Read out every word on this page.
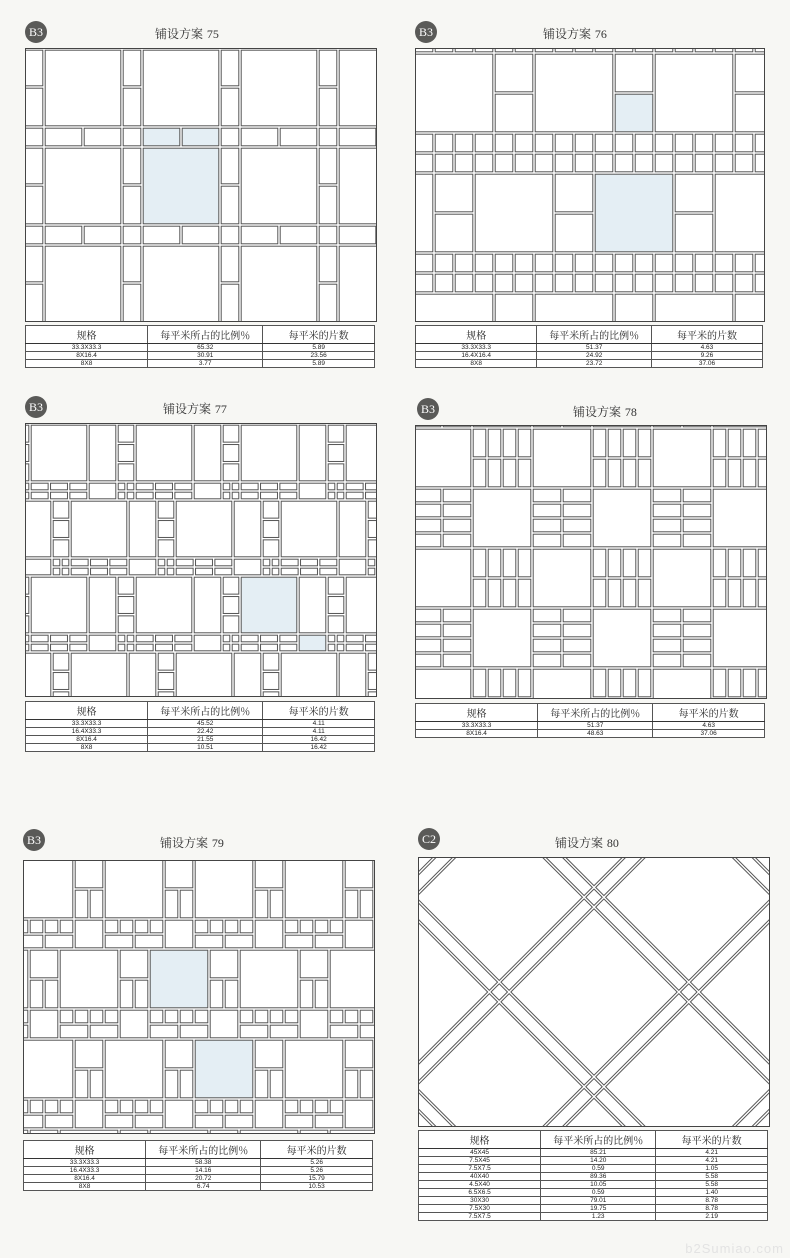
B3	铺设方案 75
规格	每平米所占的比例％	每平米的片数
33.3X33.3	65.32	5.89
8X16.4	30.91	23.56
8X8	3.77	5.89
B3	铺设方案 76
规格	每平米所占的比例％	每平米的片数
33.3X33.3	51.37	4.63
16.4X16.4	24.92	9.26
8X8	23.72	37.06
B3	铺设方案 77
规格	每平米所占的比例％	每平米的片数
33.3X33.3	45.52	4.11
16.4X33.3	22.42	4.11
8X16.4	21.55	16.42
8X8	10.51	16.42
B3	铺设方案 78
规格	每平米所占的比例％	每平米的片数
33.3X33.3	51.37	4.63
8X16.4	48.63	37.06
B3	铺设方案 79
规格	每平米所占的比例％	每平米的片数
33.3X33.3	58.38	5.26
16.4X33.3	14.16	5.26
8X16.4	20.72	15.79
8X8	6.74	10.53
C2	铺设方案 80
规格	每平米所占的比例％	每平米的片数
45X45	85.21	4.21
7.5X45	14.20	4.21
7.5X7.5	0.59	1.05
40X40	89.36	5.58
4.5X40	10.05	5.58
6.5X6.5	0.59	1.40
30X30	79.01	8.78
7.5X30	19.75	8.78
7.5X7.5	1.23	2.19
b2Sumiao.com
